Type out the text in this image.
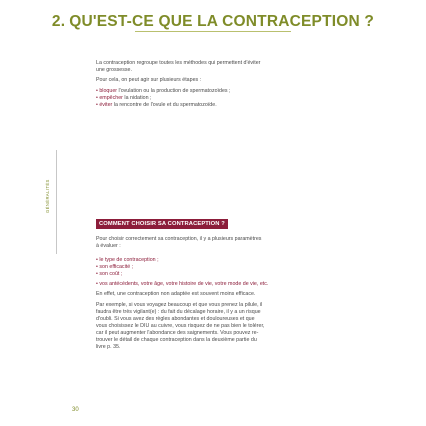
2. QU'EST-CE QUE LA CONTRACEPTION ?
GÉNÉRALITÉS

La contraception regroupe toutes les méthodes qui permettent d'éviter
une grossesse.

Pour cela, on peut agir sur plusieurs étapes :

• bloquer l'ovulation ou la production de spermatozoïdes ;

• empêcher la nidation ;

• éviter la rencontre de l'ovule et du spermatozoïde.

COMMENT CHOISIR SA CONTRACEPTION ?

Pour choisir correctement sa contraception, il y a plusieurs paramètres
à évaluer :

• le type de contraception ;

• son efficacité ;

• son coût ;

• vos antécédents, votre âge, votre histoire de vie, votre mode de vie, etc.

En effet, une contraception non adaptée est souvent moins efficace.

Par exemple, si vous voyagez beaucoup et que vous prenez la pilule, il
faudra être très vigilant(e) : du fait du décalage horaire, il y a un risque
d'oubli. Si vous avez des règles abondantes et douloureuses et que
vous choisissez le DIU au cuivre, vous risquez de ne pas bien le tolérer,
car il peut augmenter l'abondance des saignements. Vous pouvez re-
trouver le détail de chaque contraception dans la deuxième partie du
livre p. 35.

30
